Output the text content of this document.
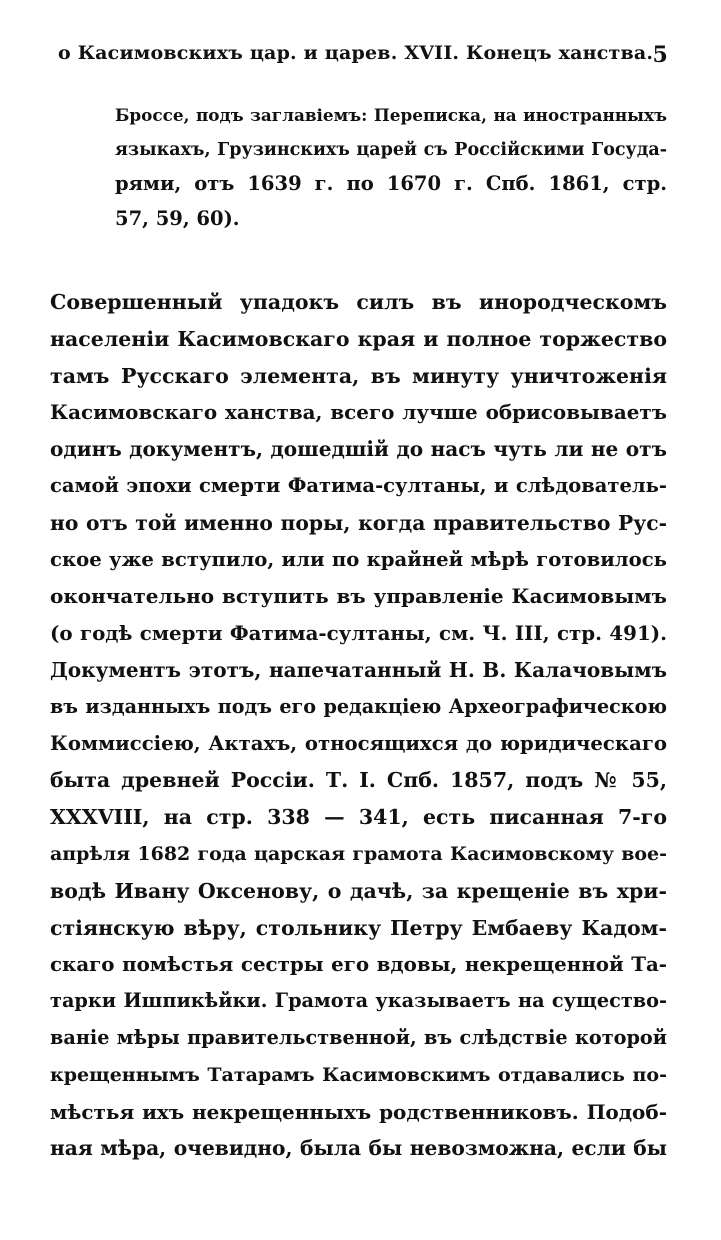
о Касимовскихъ цар. и царев. XVII. Конецъ ханства. 5
Броссе, подъ заглавіемъ: Переписка, на иностранныхъ
языкахъ, Грузинскихъ царей съ Россійскими Госуда-
рями, отъ 1639 г. по 1670 г. Спб. 1861, стр.
57, 59, 60).
Совершенный упадокъ силъ въ инородческомъ
населеніи Касимовскаго края и полное торжество
тамъ Русскаго элемента, въ минуту уничтоженія
Касимовскаго ханства, всего лучше обрисовываетъ
одинъ документъ, дошедшій до насъ чуть ли не отъ
самой эпохи смерти Фатима-султаны, и слѣдователь-
но отъ той именно поры, когда правительство Рус-
ское уже вступило, или по крайней мѣрѣ готовилось
окончательно вступить въ управленіе Касимовымъ
(о годѣ смерти Фатима-султаны, см. Ч. III, стр. 491).
Документъ этотъ, напечатанный Н. В. Калачовымъ
въ изданныхъ подъ его редакціею Археографическою
Коммиссіею, Актахъ, относящихся до юридическаго
быта древней Россіи. Т. I. Спб. 1857, подъ № 55,
XXXVIII, на стр. 338 — 341, есть писанная 7-го
апрѣля 1682 года царская грамота Касимовскому вое-
водѣ Ивану Оксенову, о дачѣ, за крещеніе въ хри-
стіянскую вѣру, стольнику Петру Ембаеву Кадом-
скаго помѣстья сестры его вдовы, некрещенной Та-
тарки Ишпикѣйки. Грамота указываетъ на существо-
ваніе мѣры правительственной, въ слѣдствіе которой
крещеннымъ Татарамъ Касимовскимъ отдавались по-
мѣстья ихъ некрещенныхъ родственниковъ. Подоб-
ная мѣра, очевидно, была бы невозможна, если бы
